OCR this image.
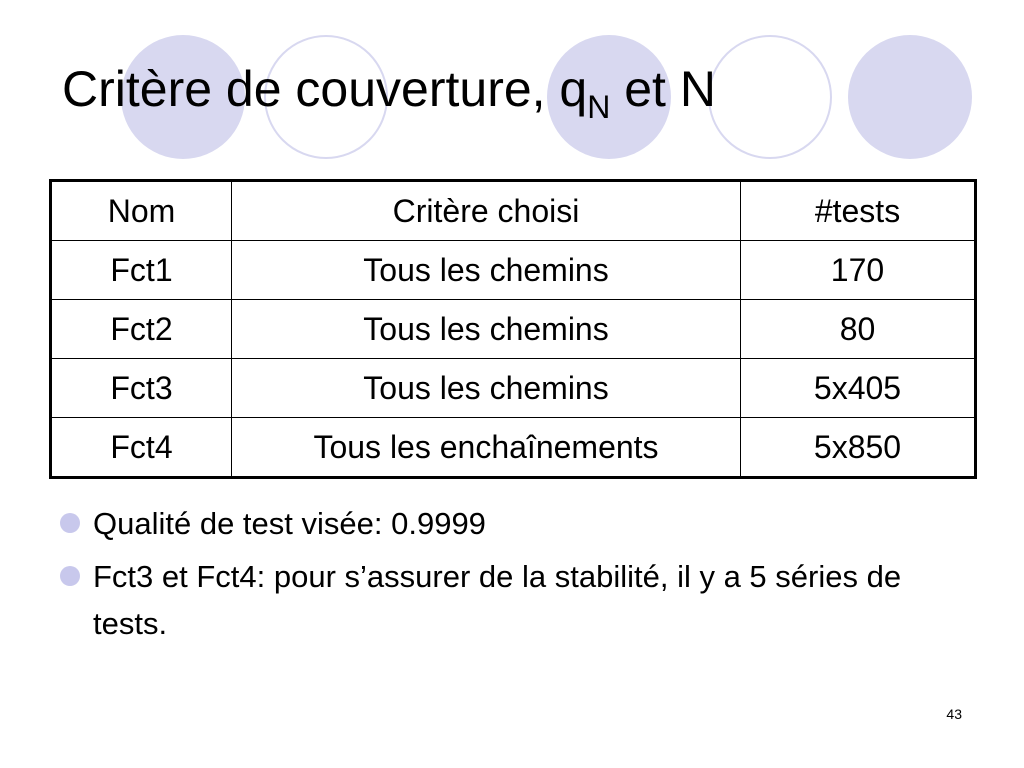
Critère de couverture, $q_N$ et N
Nom	Critère choisi	#tests
Fct1	Tous les chemins	170
Fct2	Tous les chemins	80
Fct3	Tous les chemins	5x405
Fct4	Tous les enchaînements	5x850
Qualité de test visée: 0.9999
Fct3 et Fct4: pour s’assurer de la stabilité, il y a 5 séries de tests.
43
